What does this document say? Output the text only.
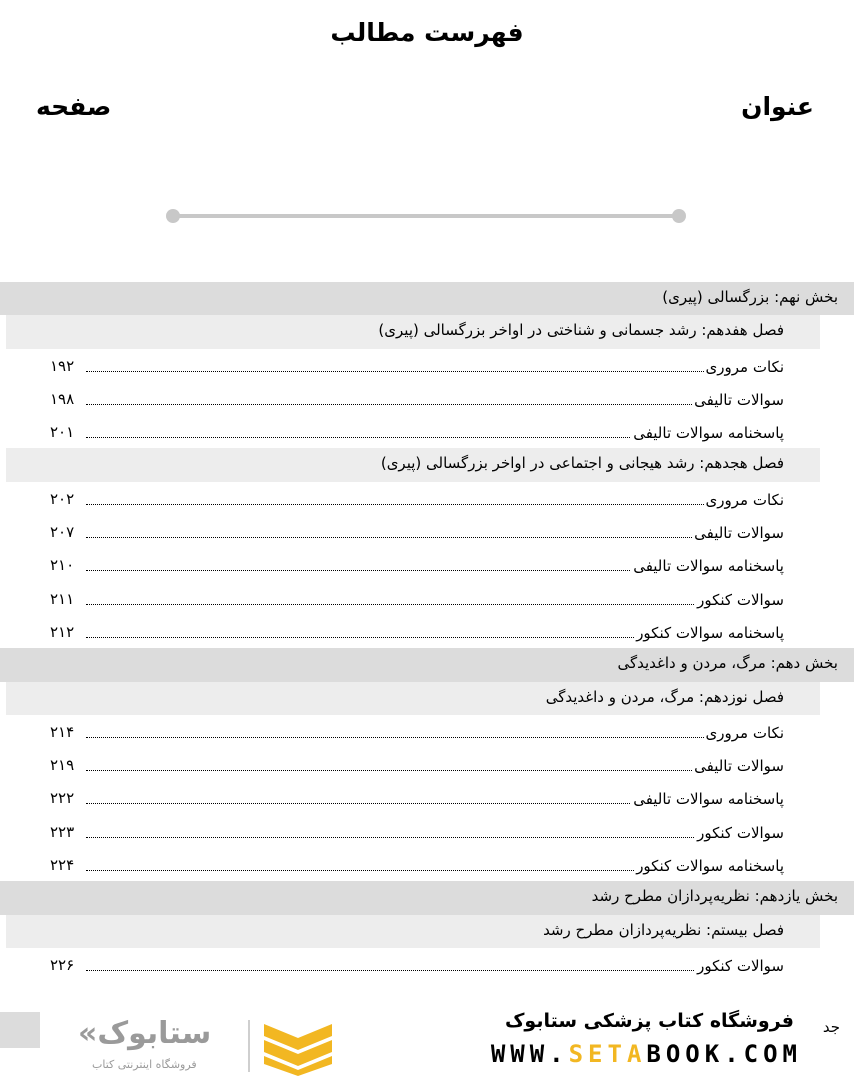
فهرست مطالب
عنوان
صفحه
بخش نهم: بزرگسالی (پیری)
فصل هفدهم: رشد جسمانی و شناختی در اواخر بزرگسالی (پیری)
نکات مروری
۱۹۲
سوالات تالیفی
۱۹۸
پاسخنامه سوالات تالیفی
۲۰۱
فصل هجدهم: رشد هیجانی و اجتماعی در اواخر بزرگسالی (پیری)
نکات مروری
۲۰۲
سوالات تالیفی
۲۰۷
پاسخنامه سوالات تالیفی
۲۱۰
سوالات کنکور
۲۱۱
پاسخنامه سوالات کنکور
۲۱۲
بخش دهم: مرگ، مردن و داغدیدگی
فصل نوزدهم: مرگ، مردن و داغدیدگی
نکات مروری
۲۱۴
سوالات تالیفی
۲۱۹
پاسخنامه سوالات تالیفی
۲۲۲
سوالات کنکور
۲۲۳
پاسخنامه سوالات کنکور
۲۲۴
بخش یازدهم: نظریه‌پردازان مطرح رشد
فصل بیستم: نظریه‌پردازان مطرح رشد
سوالات کنکور
۲۲۶
جد
فروشگاه کتاب پزشکی ستابوک
WWW.SETABOOK.COM
«ستابوک
فروشگاه اینترنتی کتاب
